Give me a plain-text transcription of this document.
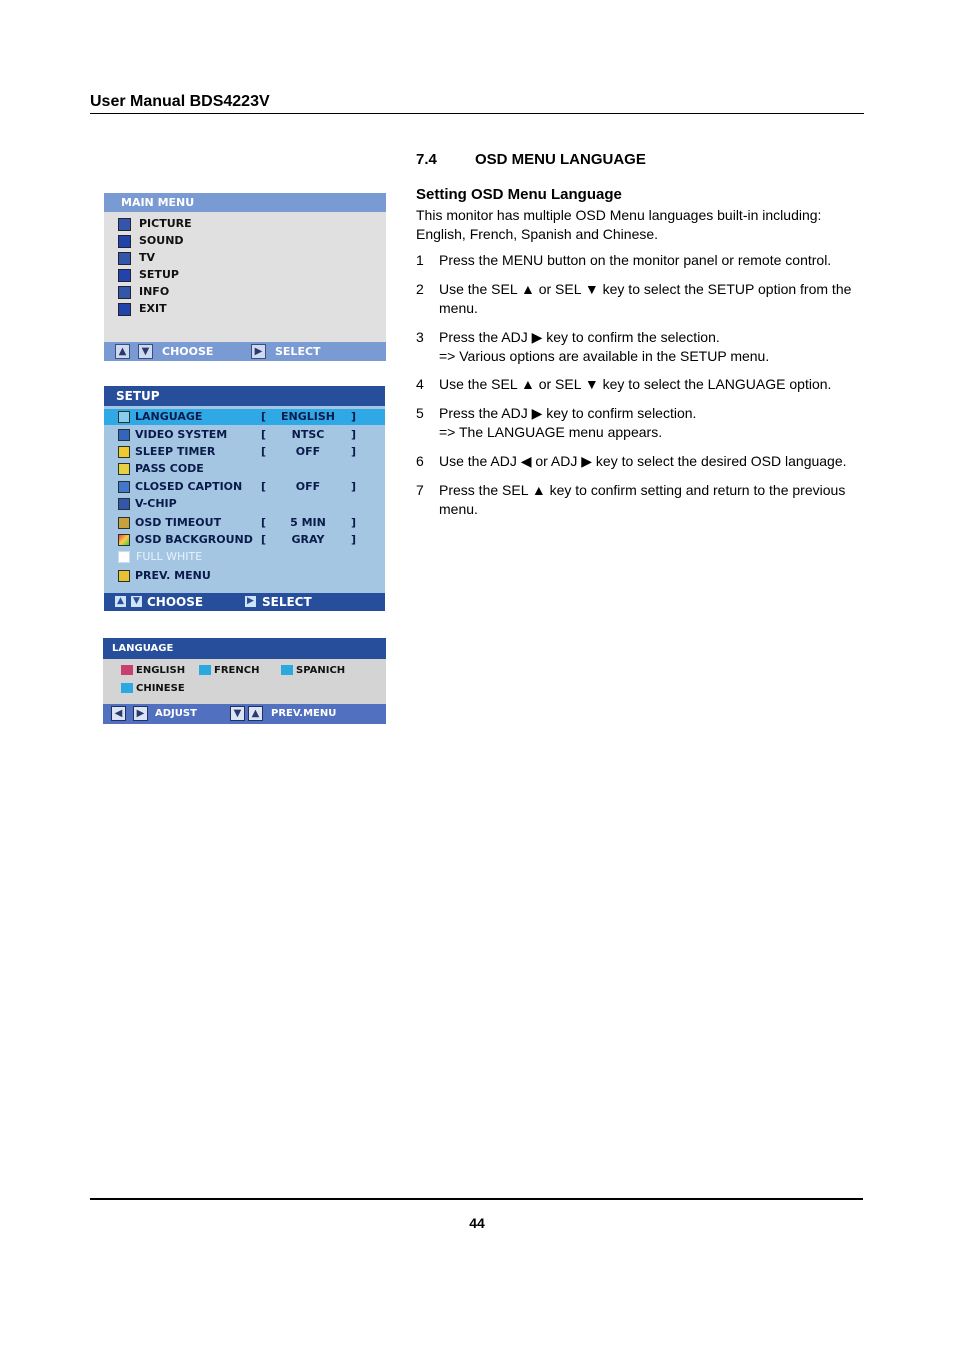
User Manual BDS4223V
MAIN MENU
PICTURE
SOUND
TV
SETUP
INFO
EXIT
▲	▼	CHOOSE	▶	SELECT
SETUP
LANGUAGE	[ ENGLISH ]
VIDEO SYSTEM	[	NTSC	]
SLEEP TIMER	[	OFF	]
PASS CODE
CLOSED CAPTION [	OFF	]
V-CHIP
OSD TIMEOUT	[	5 MIN	]
OSD BACKGROUND [	GRAY	]
FULL WHITE
PREV. MENU
▲ ▼ CHOOSE	▶ SELECT
LANGUAGE
ENGLISH	FRENCH	SPANICH
CHINESE
◀	▶	ADJUST	▼	▲	PREV.MENU
7.4	OSD MENU LANGUAGE
Setting OSD Menu Language
This monitor has multiple OSD Menu languages built-in including: English, French, Spanish and Chinese.
1 Press the MENU button on the monitor panel or remote control.
2 Use the SEL ▲ or SEL ▼ key to select the SETUP option from the menu.
3 Press the ADJ ▶ key to confirm the selection.
=> Various options are available in the SETUP menu.
4 Use the SEL ▲ or SEL ▼ key to select the LANGUAGE option.
5 Press the ADJ ▶ key to confirm selection.
=> The LANGUAGE menu appears.
6 Use the ADJ ◀ or ADJ ▶ key to select the desired OSD language.
7 Press the SEL ▲ key to confirm setting and return to the previous menu.
44
